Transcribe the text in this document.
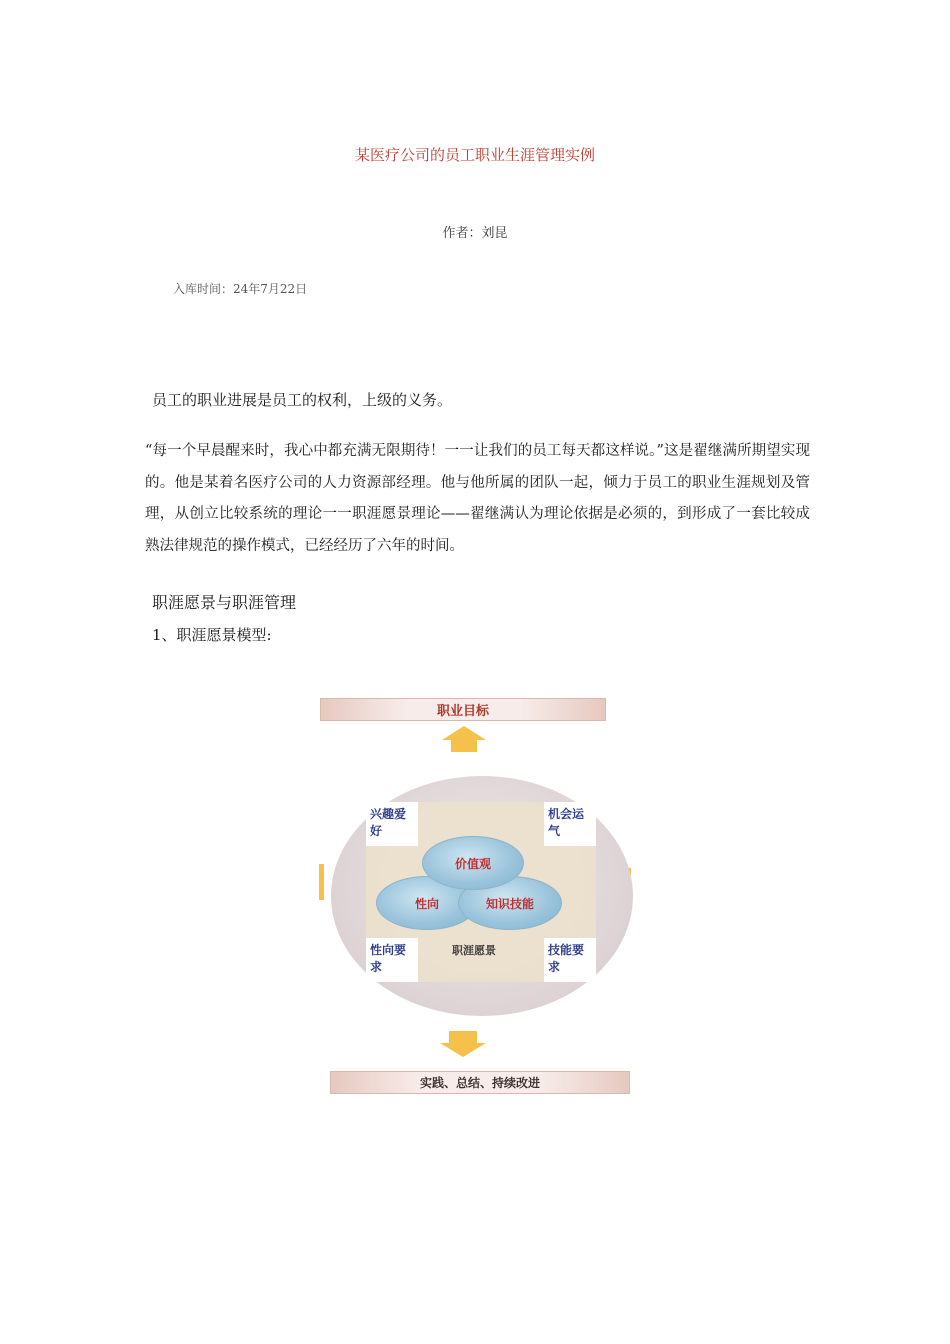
某医疗公司的员工职业生涯管理实例

作者：刘昆

入库时间：24年7月22日

员工的职业进展是员工的权利，上级的义务。

“每一个早晨醒来时，我心中都充满无限期待！一一让我们的员工每天都这样说。”这是翟继满所期望实现的。他是某着名医疗公司的人力资源部经理。他与他所属的团队一起，倾力于员工的职业生涯规划及管理，从创立比较系统的理论一一职涯愿景理论——翟继满认为理论依据是必须的，到形成了一套比较成熟法律规范的操作模式，已经经历了六年的时间。

职涯愿景与职涯管理

1、职涯愿景模型:

职业目标
兴趣爱好
机会运气
性向要求
技能要求
性向	知识技能
价值观
职涯愿景
实践、总结、持续改进
